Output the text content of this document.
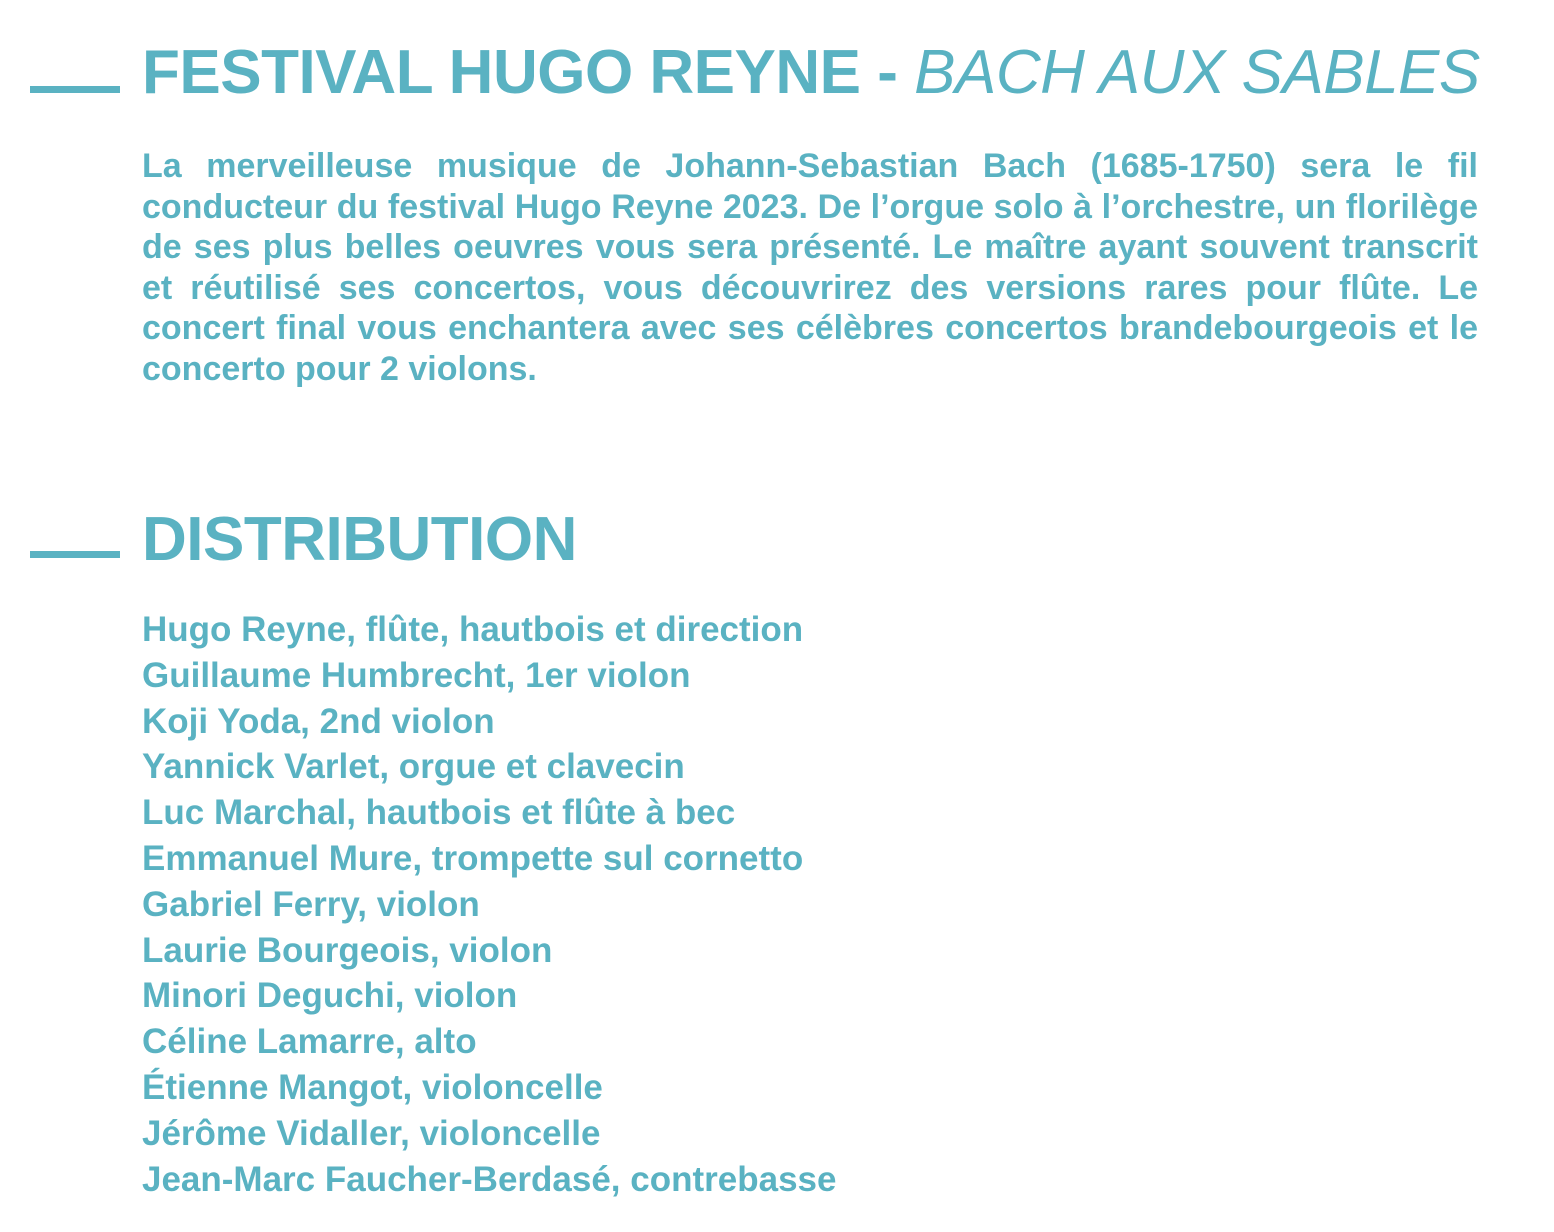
FESTIVAL HUGO REYNE - BACH AUX SABLES

La merveilleuse musique de Johann-Sebastian Bach (1685-1750) sera le fil conducteur du festival Hugo Reyne 2023. De l’orgue solo à l’orchestre, un florilège de ses plus belles oeuvres vous sera présenté. Le maître ayant souvent transcrit et réutilisé ses concertos, vous découvrirez des versions rares pour flûte. Le concert final vous enchantera avec ses célèbres concertos brandebourgeois et le concerto pour 2 violons.

DISTRIBUTION
Hugo Reyne, flûte, hautbois et direction
Guillaume Humbrecht, 1er violon
Koji Yoda, 2nd violon
Yannick Varlet, orgue et clavecin
Luc Marchal, hautbois et flûte à bec
Emmanuel Mure, trompette sul cornetto
Gabriel Ferry, violon
Laurie Bourgeois, violon
Minori Deguchi, violon
Céline Lamarre, alto
Étienne Mangot, violoncelle
Jérôme Vidaller, violoncelle
Jean-Marc Faucher-Berdasé, contrebasse
